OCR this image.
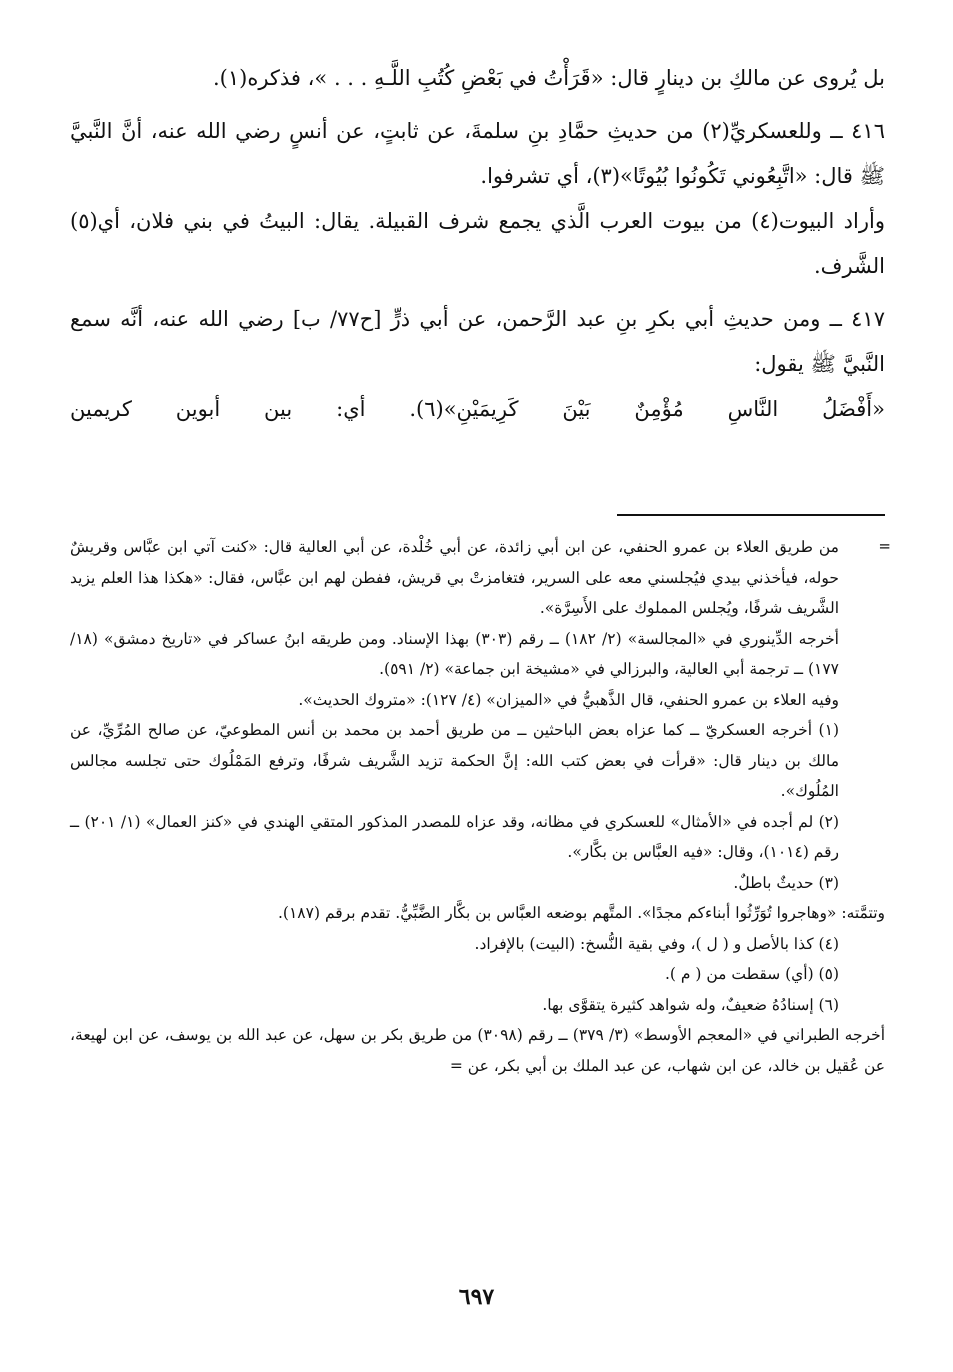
بل يُروى عن مالكِ بن دينارٍ قال: «قَرَأْتُ في بَعْضِ كُتُبِ اللَّـهِ . . . »، فذكره(١).

٤١٦ ــ وللعسكريِّ(٢) من حديثِ حمَّادِ بنِ سلمةَ، عن ثابتٍ، عن أنسٍ رضي الله عنه، أنَّ النَّبيَّ ﷺ قال: «اتَّبِعُوني تَكُونُوا بُيُوتًا»(٣)، أي تشرفوا.

وأراد البيوت(٤) من بيوت العرب الَّذي يجمع شرف القبيلة. يقال: البيتُ في بني فلان، أي(٥) الشَّرف.

٤١٧ ــ ومن حديثِ أبي بكرِ بنِ عبد الرَّحمن، عن أبي ذرٍّ [ح٧٧/ ب] رضي الله عنه، أنَّه سمع النَّبيَّ ﷺ يقول:

«أَفْضَلُ النَّاسِ مُؤْمِنٌ بَيْنَ كَرِيمَيْنِ»(٦). أي: بين أبوين كريمين

=

من طريق العلاء بن عمرو الحنفي، عن ابن أبي زائدة، عن أبي خُلْدة، عن أبي العالية قال: «كنت آتي ابن عبَّاس وقريشٌ حوله، فيأخذني بيدي فيُجلسني معه على السرير، فتغامزتْ بي قريش، ففطن لهم ابن عبَّاس، فقال: «هكذا هذا العلم يزيد الشَّريف شرفًا، ويُجلس المملوك على الأَسِرَّة».

أخرجه الدِّينوري في «المجالسة» (٢/ ١٨٢) ــ رقم (٣٠٣) بهذا الإسناد. ومن طريقه ابنُ عساكر في «تاريخ دمشق» (١٨/ ١٧٧) ــ ترجمة أبي العالية، والبرزالي في «مشيخة ابن جماعة» (٢/ ٥٩١).

وفيه العلاء بن عمرو الحنفي، قال الذَّهبيُّ في «الميزان» (٤/ ١٢٧): «متروك الحديث».

(١) أخرجه العسكريّ ــ كما عزاه بعض الباحثين ــ من طريق أحمد بن محمد بن أنس المطوعيّ، عن صالح المُرِّيِّ، عن مالك بن دينار قال: «قرأت في بعض كتب الله: إنَّ الحكمة تزيد الشَّريف شرفًا، وترفع المَمْلُوك حتى تجلسه مجالس المُلُوك».

(٢) لم أجده في «الأمثال» للعسكري في مظانه، وقد عزاه للمصدر المذكور المتقي الهندي في «كنز العمال» (١/ ٢٠١) ــ رقم (١٠١٤)، وقال: «فيه العبَّاس بن بكَّار».

(٣) حديثٌ باطلٌ.

وتتمَّته: «وهاجروا تُوَرِّثُوا أبناءكم مجدًا». المتَّهم بوضعه العبَّاس بن بكَّار الضَّبِّيُّ. تقدم برقم (١٨٧).

(٤) كذا بالأصل و ( ل )، وفي بقية النُّسخ: (البيت) بالإفراد.

(٥) (أي) سقطت من ( م ).

(٦) إسنادُهُ ضعيفٌ، وله شواهد كثيرة يتقوَّى بها.

أخرجه الطبراني في «المعجم الأوسط» (٣/ ٣٧٩) ــ رقم (٣٠٩٨) من طريق بكر بن سهل، عن عبد الله بن يوسف، عن ابن لهيعة، عن عُقيل بن خالد، عن ابن شهاب، عن عبد الملك بن أبي بكر، عن =

٦٩٧
